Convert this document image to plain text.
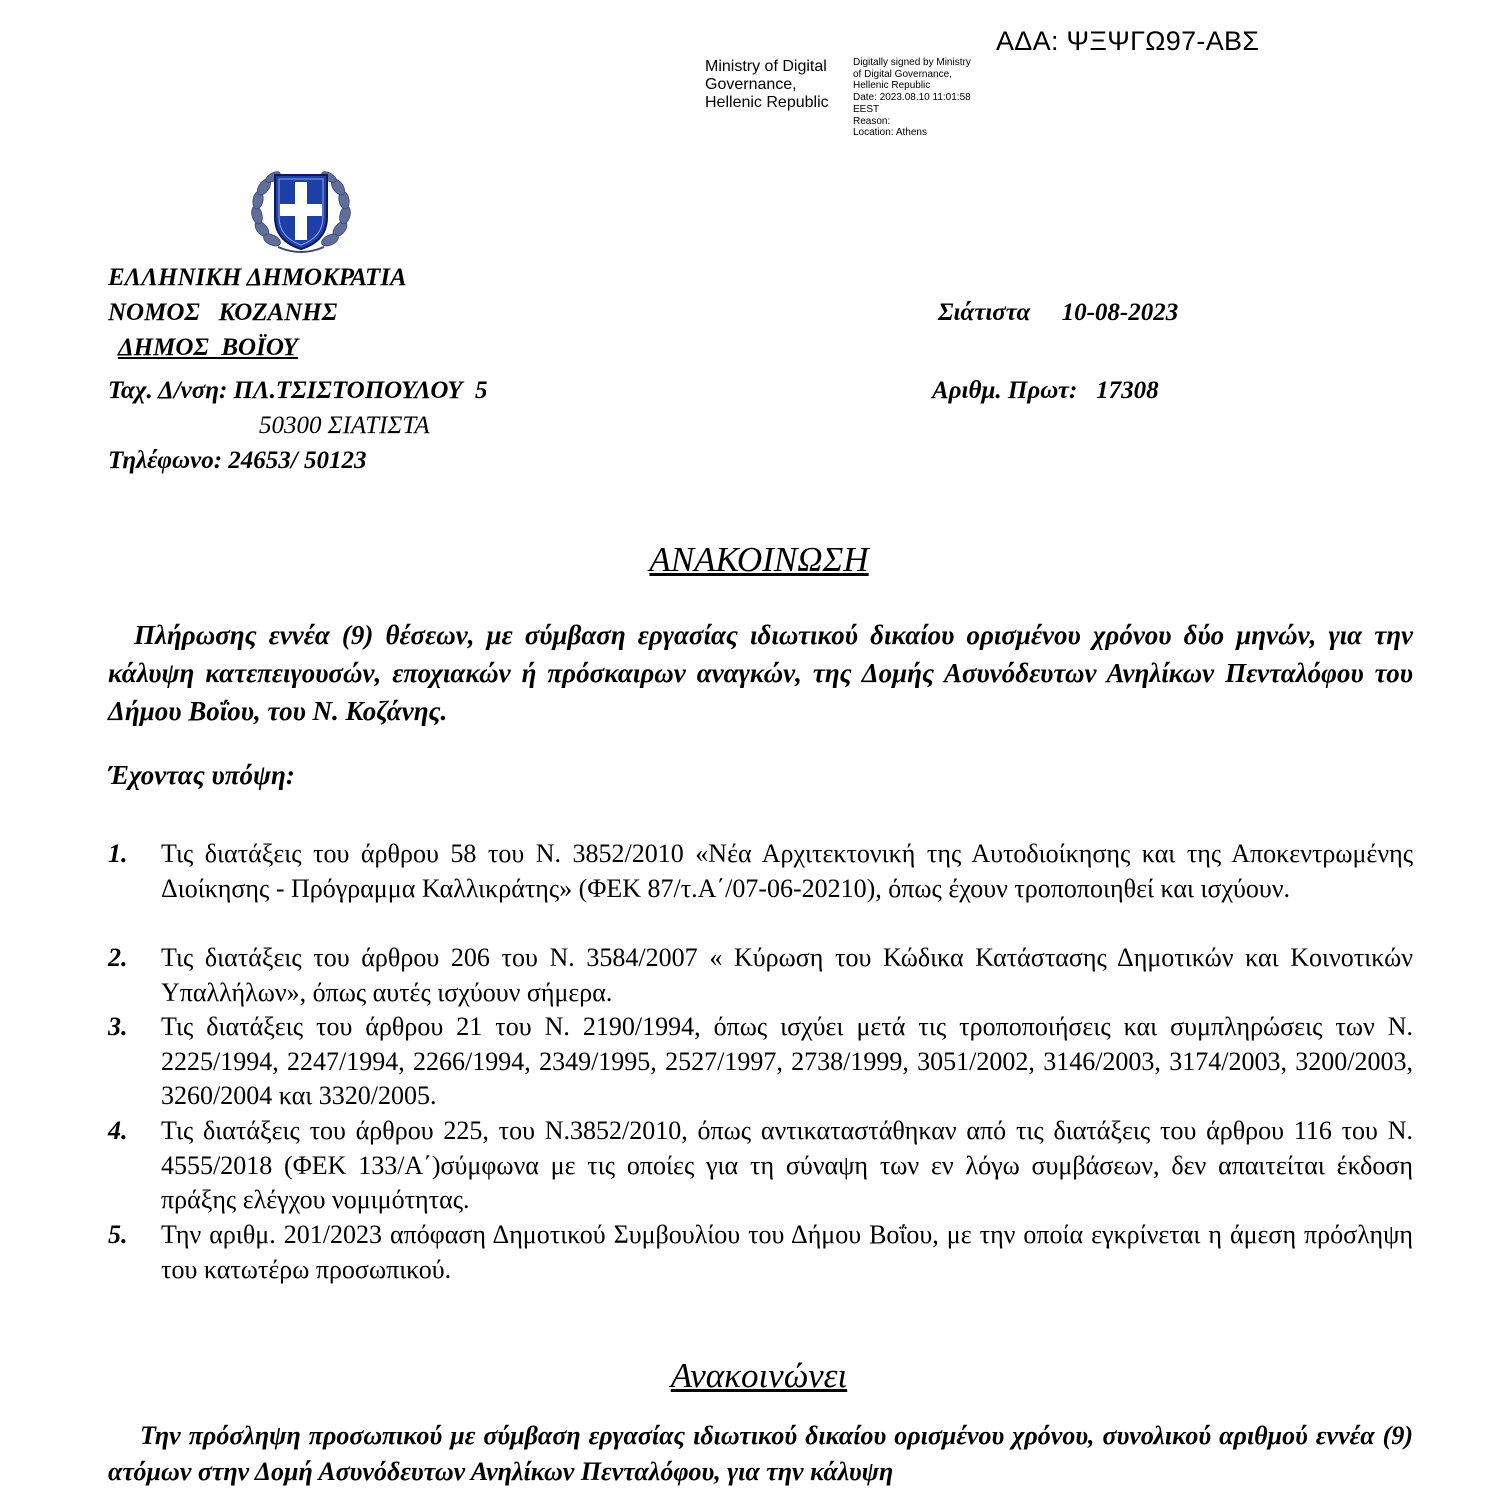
ΑΔΑ: ΨΞΨΓΩ97-ΑΒΣ
Ministry of Digital
Governance,
Hellenic Republic
Digitally signed by Ministry
of Digital Governance,
Hellenic Republic
Date: 2023.08.10 11:01:58
EEST
Reason:
Location: Athens
ΕΛΛΗΝΙΚΗ ΔΗΜΟΚΡΑΤΙΑ
ΝΟΜΟΣ   ΚΟΖΑΝΗΣ
ΔΗΜΟΣ  ΒΟΪΟΥ
Ταχ. Δ/νση: ΠΛ.ΤΣΙΣΤΟΠΟΥΛΟΥ  5
50300 ΣΙΑΤΙΣΤΑ
Τηλέφωνο: 24653/ 50123
Σιάτιστα     10-08-2023
Αριθμ. Πρωτ:   17308
ΑΝΑΚΟΙΝΩΣΗ
Πλήρωσης εννέα (9) θέσεων, με σύμβαση εργασίας ιδιωτικού δικαίου ορισμένου χρόνου δύο μηνών, για την κάλυψη κατεπειγουσών, εποχιακών ή πρόσκαιρων αναγκών, της Δομής Ασυνόδευτων Ανηλίκων Πενταλόφου του Δήμου Βοΐου, του Ν. Κοζάνης.
Έχοντας υπόψη:
1. Τις διατάξεις του άρθρου 58 του Ν. 3852/2010 «Νέα Αρχιτεκτονική της Αυτοδιοίκησης και της Αποκεντρωμένης Διοίκησης - Πρόγραμμα Καλλικράτης» (ΦΕΚ 87/τ.Α΄/07-06-20210), όπως έχουν τροποποιηθεί και ισχύουν.
2. Τις διατάξεις του άρθρου 206 του Ν. 3584/2007 « Κύρωση του Κώδικα Κατάστασης Δημοτικών και Κοινοτικών Υπαλλήλων», όπως αυτές ισχύουν σήμερα.
3. Τις διατάξεις του άρθρου 21 του Ν. 2190/1994, όπως ισχύει μετά τις τροποποιήσεις και συμπληρώσεις των Ν. 2225/1994, 2247/1994, 2266/1994, 2349/1995, 2527/1997, 2738/1999, 3051/2002, 3146/2003, 3174/2003, 3200/2003, 3260/2004 και 3320/2005.
4. Τις διατάξεις του άρθρου 225, του Ν.3852/2010, όπως αντικαταστάθηκαν από τις διατάξεις του άρθρου 116 του Ν. 4555/2018 (ΦΕΚ 133/Α΄)σύμφωνα με τις οποίες για τη σύναψη των εν λόγω συμβάσεων, δεν απαιτείται έκδοση πράξης ελέγχου νομιμότητας.
5. Την αριθμ. 201/2023 απόφαση Δημοτικού Συμβουλίου του Δήμου Βοΐου, με την οποία εγκρίνεται η άμεση πρόσληψη του κατωτέρω προσωπικού.
Ανακοινώνει
Την πρόσληψη προσωπικού με σύμβαση εργασίας ιδιωτικού δικαίου ορισμένου χρόνου, συνολικού αριθμού εννέα (9) ατόμων στην Δομή Ασυνόδευτων Ανηλίκων Πενταλόφου, για την κάλυψη
